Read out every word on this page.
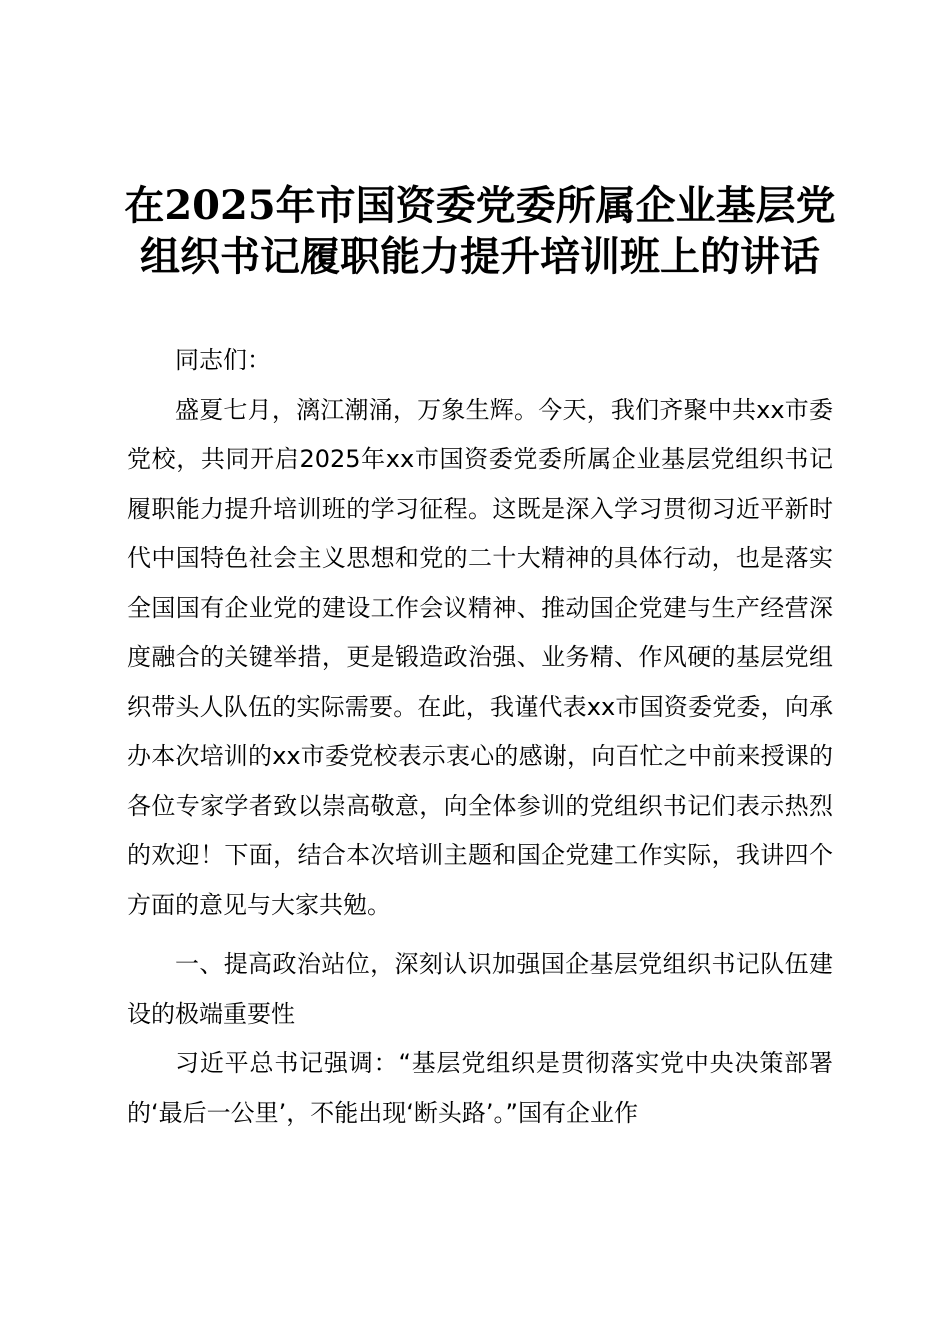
在2025年市国资委党委所属企业基层党组织书记履职能力提升培训班上的讲话

同志们：

盛夏七月，漓江潮涌，万象生辉。今天，我们齐聚中共xx市委党校，共同开启2025年xx市国资委党委所属企业基层党组织书记履职能力提升培训班的学习征程。这既是深入学习贯彻习近平新时代中国特色社会主义思想和党的二十大精神的具体行动，也是落实全国国有企业党的建设工作会议精神、推动国企党建与生产经营深度融合的关键举措，更是锻造政治强、业务精、作风硬的基层党组织带头人队伍的实际需要。在此，我谨代表xx市国资委党委，向承办本次培训的xx市委党校表示衷心的感谢，向百忙之中前来授课的各位专家学者致以崇高敬意，向全体参训的党组织书记们表示热烈的欢迎！下面，结合本次培训主题和国企党建工作实际，我讲四个方面的意见与大家共勉。

一、提高政治站位，深刻认识加强国企基层党组织书记队伍建设的极端重要性

习近平总书记强调：“基层党组织是贯彻落实党中央决策部署的‘最后一公里’，不能出现‘断头路’。”国有企业作
